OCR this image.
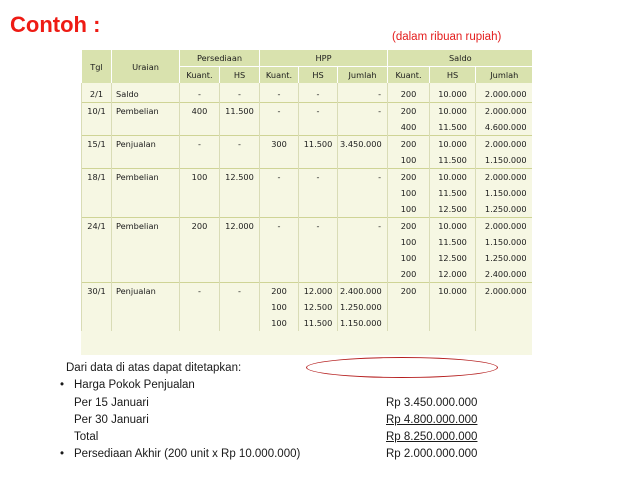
Contoh :	(dalam ribuan rupiah)
Tgl	Uraian	Persediaan		HPP			Saldo		
		Kuant.	HS	Kuant.	HS	Jumlah	Kuant.	HS	Jumlah
2/1	Saldo	-	-	-	-	-	200	10.000	2.000.000
10/1	Pembelian	400	11.500	-	-	-	200	10.000	2.000.000
							400	11.500	4.600.000
15/1	Penjualan	-	-	300	11.500	3.450.000	200	10.000	2.000.000
							100	11.500	1.150.000
18/1	Pembelian	100	12.500	-	-	-	200	10.000	2.000.000
							100	11.500	1.150.000
							100	12.500	1.250.000
24/1	Pembelian	200	12.000	-	-	-	200	10.000	2.000.000
							100	11.500	1.150.000
							100	12.500	1.250.000
							200	12.000	2.400.000
30/1	Penjualan	-	-	200	12.000	2.400.000	200	10.000	2.000.000
				100	12.500	1.250.000			
				100	11.500	1.150.000			
Dari data di atas dapat ditetapkan:
• Harga Pokok Penjualan
Per 15 Januari	Rp 3.450.000.000
Per 30 Januari	Rp 4.800.000.000
Total	Rp 8.250.000.000
• Persediaan Akhir (200 unit x Rp 10.000.000)	Rp 2.000.000.000
